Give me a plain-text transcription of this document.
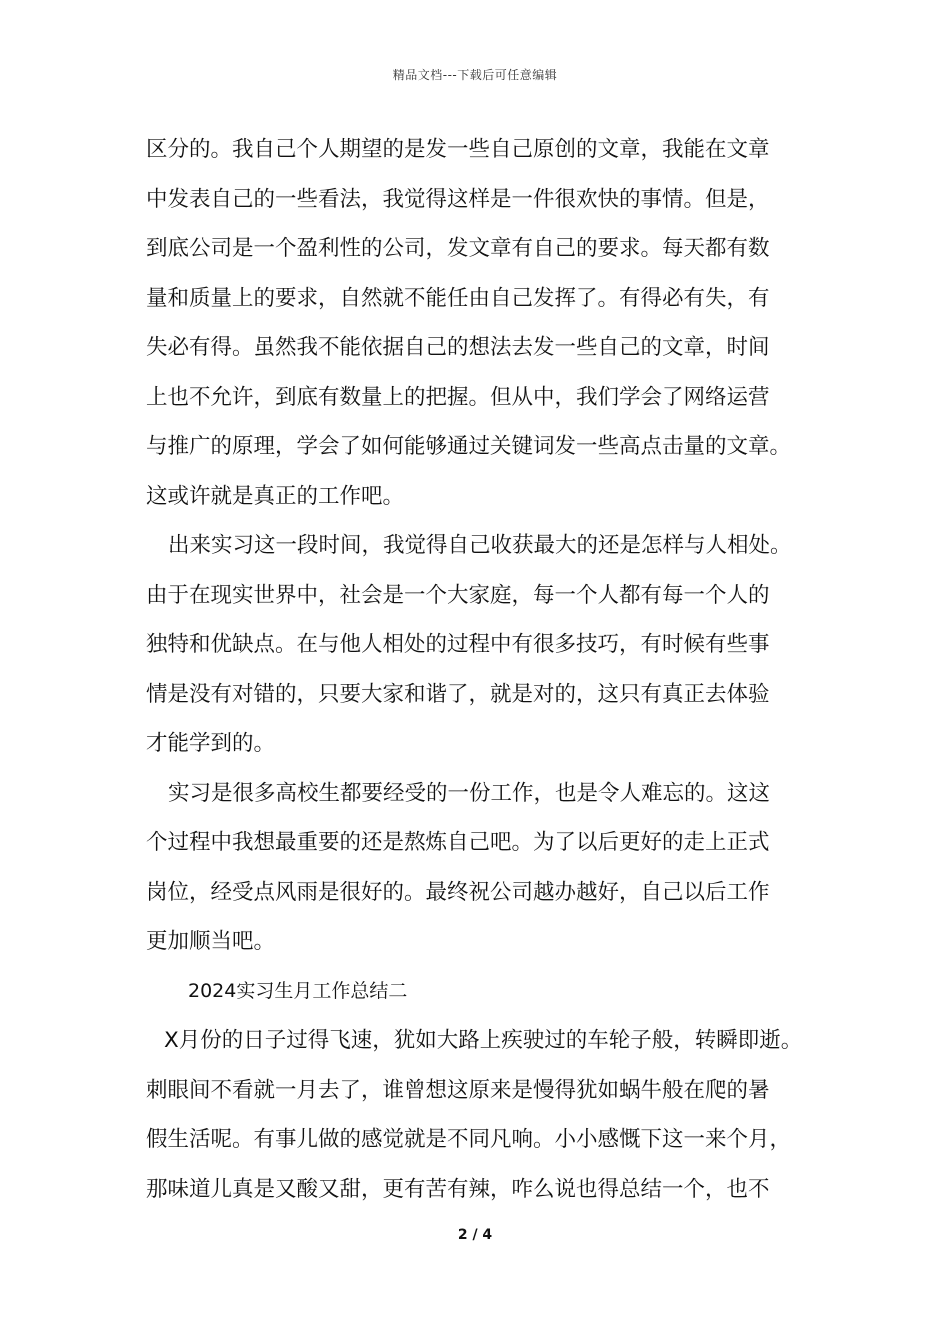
精品文档---下载后可任意编辑
区分的。我自己个人期望的是发一些自己原创的文章，我能在文章
中发表自己的一些看法，我觉得这样是一件很欢快的事情。但是，
到底公司是一个盈利性的公司，发文章有自己的要求。每天都有数
量和质量上的要求，自然就不能任由自己发挥了。有得必有失，有
失必有得。虽然我不能依据自己的想法去发一些自己的文章，时间
上也不允许，到底有数量上的把握。但从中，我们学会了网络运营
与推广的原理，学会了如何能够通过关键词发一些高点击量的文章。
这或许就是真正的工作吧。
出来实习这一段时间，我觉得自己收获最大的还是怎样与人相处。
由于在现实世界中，社会是一个大家庭，每一个人都有每一个人的
独特和优缺点。在与他人相处的过程中有很多技巧，有时候有些事
情是没有对错的，只要大家和谐了，就是对的，这只有真正去体验
才能学到的。
实习是很多高校生都要经受的一份工作，也是令人难忘的。这这
个过程中我想最重要的还是熬炼自己吧。为了以后更好的走上正式
岗位，经受点风雨是很好的。最终祝公司越办越好，自己以后工作
更加顺当吧。
2024实习生月工作总结二
X月份的日子过得飞速，犹如大路上疾驶过的车轮子般，转瞬即逝。
刺眼间不看就一月去了，谁曾想这原来是慢得犹如蜗牛般在爬的暑
假生活呢。有事儿做的感觉就是不同凡响。小小感慨下这一来个月，
那味道儿真是又酸又甜，更有苦有辣，咋么说也得总结一个，也不
2 / 4
